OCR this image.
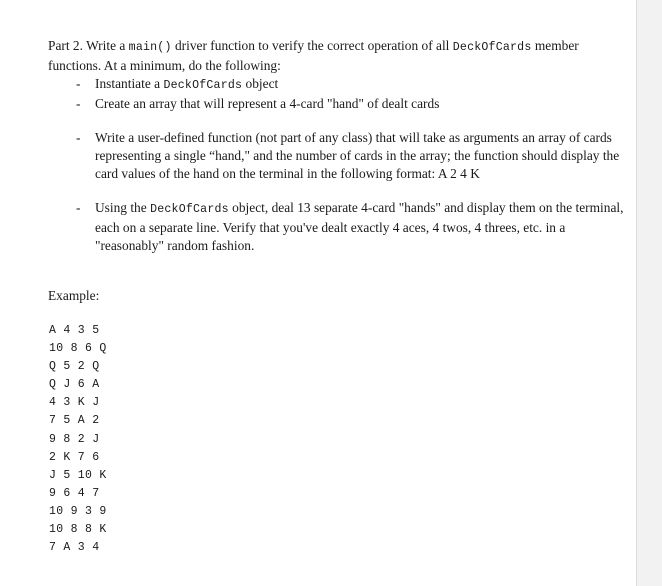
Part 2. Write a main() driver function to verify the correct operation of all DeckOfCards member functions. At a minimum, do the following:

- Instantiate a DeckOfCards object
- Create an array that will represent a 4-card "hand" of dealt cards
- Write a user-defined function (not part of any class) that will take as arguments an array of cards representing a single “hand," and the number of cards in the array; the function should display the card values of the hand on the terminal in the following format: A 2 4 K
- Using the DeckOfCards object, deal 13 separate 4-card "hands" and display them on the terminal, each on a separate line. Verify that you've dealt exactly 4 aces, 4 twos, 4 threes, etc. in a "reasonably" random fashion.

Example:

A 4 3 5
10 8 6 Q
Q 5 2 Q
Q J 6 A
4 3 K J
7 5 A 2
9 8 2 J
2 K 7 6
J 5 10 K
9 6 4 7
10 9 3 9
10 8 8 K
7 A 3 4
